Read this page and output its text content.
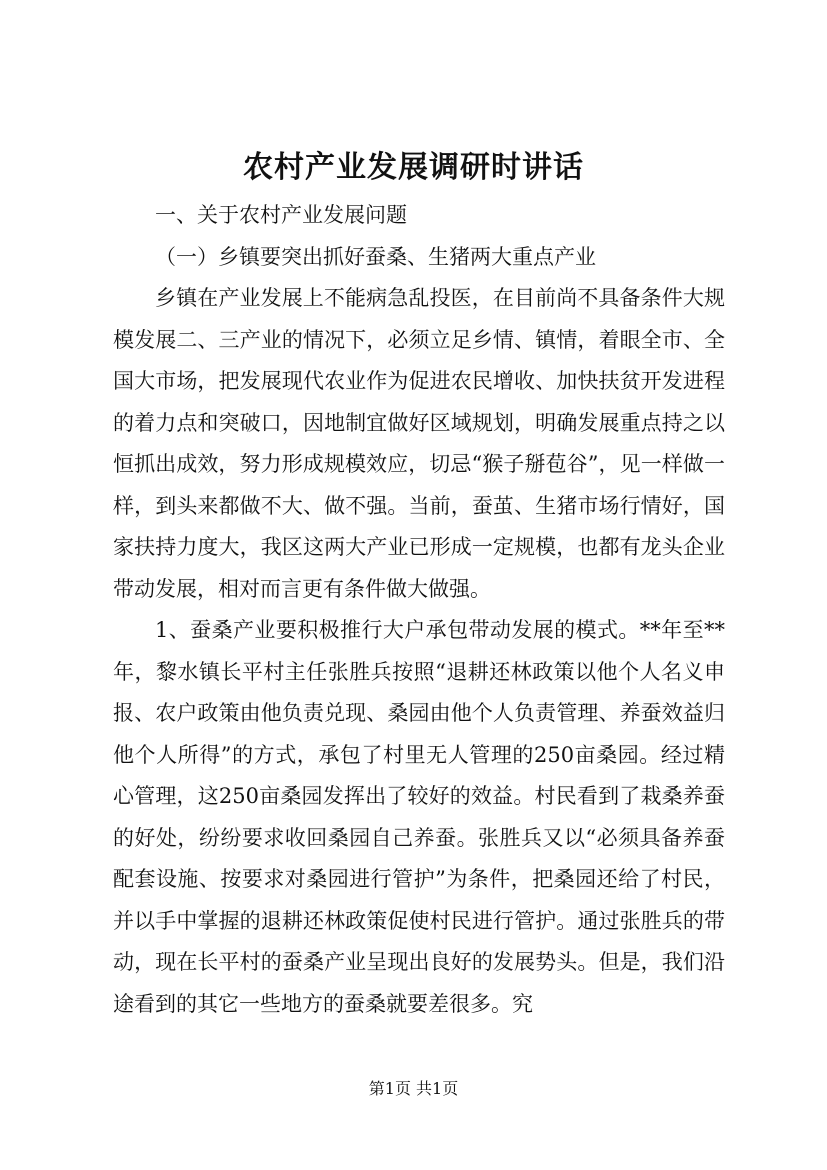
农村产业发展调研时讲话

一、关于农村产业发展问题

（一）乡镇要突出抓好蚕桑、生猪两大重点产业

乡镇在产业发展上不能病急乱投医，在目前尚不具备条件大规模发展二、三产业的情况下，必须立足乡情、镇情，着眼全市、全国大市场，把发展现代农业作为促进农民增收、加快扶贫开发进程的着力点和突破口，因地制宜做好区域规划，明确发展重点持之以恒抓出成效，努力形成规模效应，切忌“猴子掰苞谷”，见一样做一样，到头来都做不大、做不强。当前，蚕茧、生猪市场行情好，国家扶持力度大，我区这两大产业已形成一定规模，也都有龙头企业带动发展，相对而言更有条件做大做强。

1、蚕桑产业要积极推行大户承包带动发展的模式。**年至**年，黎水镇长平村主任张胜兵按照“退耕还林政策以他个人名义申报、农户政策由他负责兑现、桑园由他个人负责管理、养蚕效益归他个人所得”的方式，承包了村里无人管理的250亩桑园。经过精心管理，这250亩桑园发挥出了较好的效益。村民看到了栽桑养蚕的好处，纷纷要求收回桑园自己养蚕。张胜兵又以“必须具备养蚕配套设施、按要求对桑园进行管护”为条件，把桑园还给了村民，并以手中掌握的退耕还林政策促使村民进行管护。通过张胜兵的带动，现在长平村的蚕桑产业呈现出良好的发展势头。但是，我们沿途看到的其它一些地方的蚕桑就要差很多。究

第1页 共1页
